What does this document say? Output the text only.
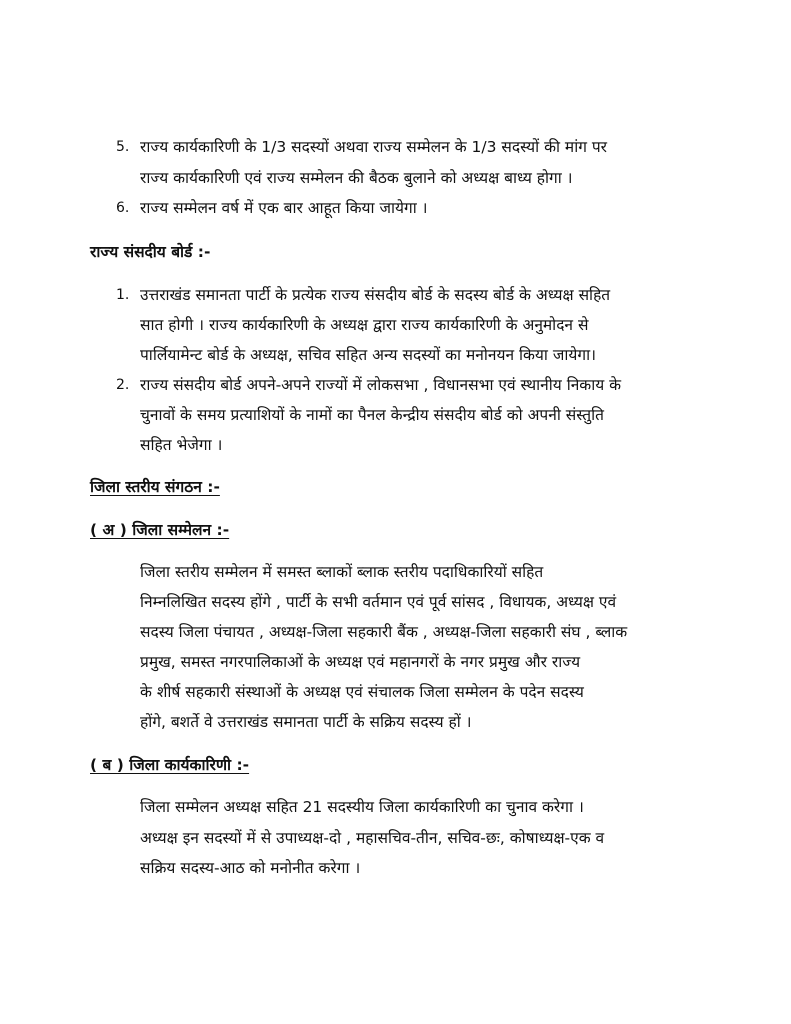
5. राज्य कार्यकारिणी के 1/3 सदस्यों अथवा राज्य सम्मेलन के 1/3 सदस्यों की मांग पर
राज्य कार्यकारिणी एवं राज्य सम्मेलन की बैठक बुलाने को अध्यक्ष बाध्य होगा ।
6. राज्य सम्मेलन वर्ष में एक बार आहूत किया जायेगा ।
राज्य संसदीय बोर्ड :-
1. उत्तराखंड समानता पार्टी के प्रत्येक राज्य संसदीय बोर्ड के सदस्य बोर्ड के अध्यक्ष सहित
सात होगी । राज्य कार्यकारिणी के अध्यक्ष द्वारा राज्य कार्यकारिणी के अनुमोदन से
पार्लियामेन्ट बोर्ड के अध्यक्ष, सचिव सहित अन्य सदस्यों का मनोनयन किया जायेगा।
2. राज्य संसदीय बोर्ड अपने-अपने राज्यों में लोकसभा , विधानसभा एवं स्थानीय निकाय के
चुनावों के समय प्रत्याशियों के नामों का पैनल केन्द्रीय संसदीय बोर्ड को अपनी संस्तुति
सहित भेजेगा ।
जिला स्तरीय संगठन :-
( अ ) जिला सम्मेलन :-
जिला स्तरीय सम्मेलन में समस्त ब्लाकों ब्लाक स्तरीय पदाधिकारियों सहित
निम्नलिखित सदस्य होंगे , पार्टी के सभी वर्तमान एवं पूर्व सांसद , विधायक, अध्यक्ष एवं
सदस्य जिला पंचायत , अध्यक्ष-जिला सहकारी बैंक , अध्यक्ष-जिला सहकारी संघ , ब्लाक
प्रमुख, समस्त नगरपालिकाओं के अध्यक्ष एवं महानगरों के नगर प्रमुख और राज्य
के शीर्ष सहकारी संस्थाओं के अध्यक्ष एवं संचालक जिला सम्मेलन के पदेन सदस्य
होंगे, बशर्ते वे उत्तराखंड समानता पार्टी के सक्रिय सदस्य हों ।
( ब ) जिला कार्यकारिणी :-
जिला सम्मेलन अध्यक्ष सहित 21 सदस्यीय जिला कार्यकारिणी का चुनाव करेगा ।
अध्यक्ष इन सदस्यों में से उपाध्यक्ष-दो , महासचिव-तीन, सचिव-छः, कोषाध्यक्ष-एक व
सक्रिय सदस्य-आठ को मनोनीत करेगा ।
